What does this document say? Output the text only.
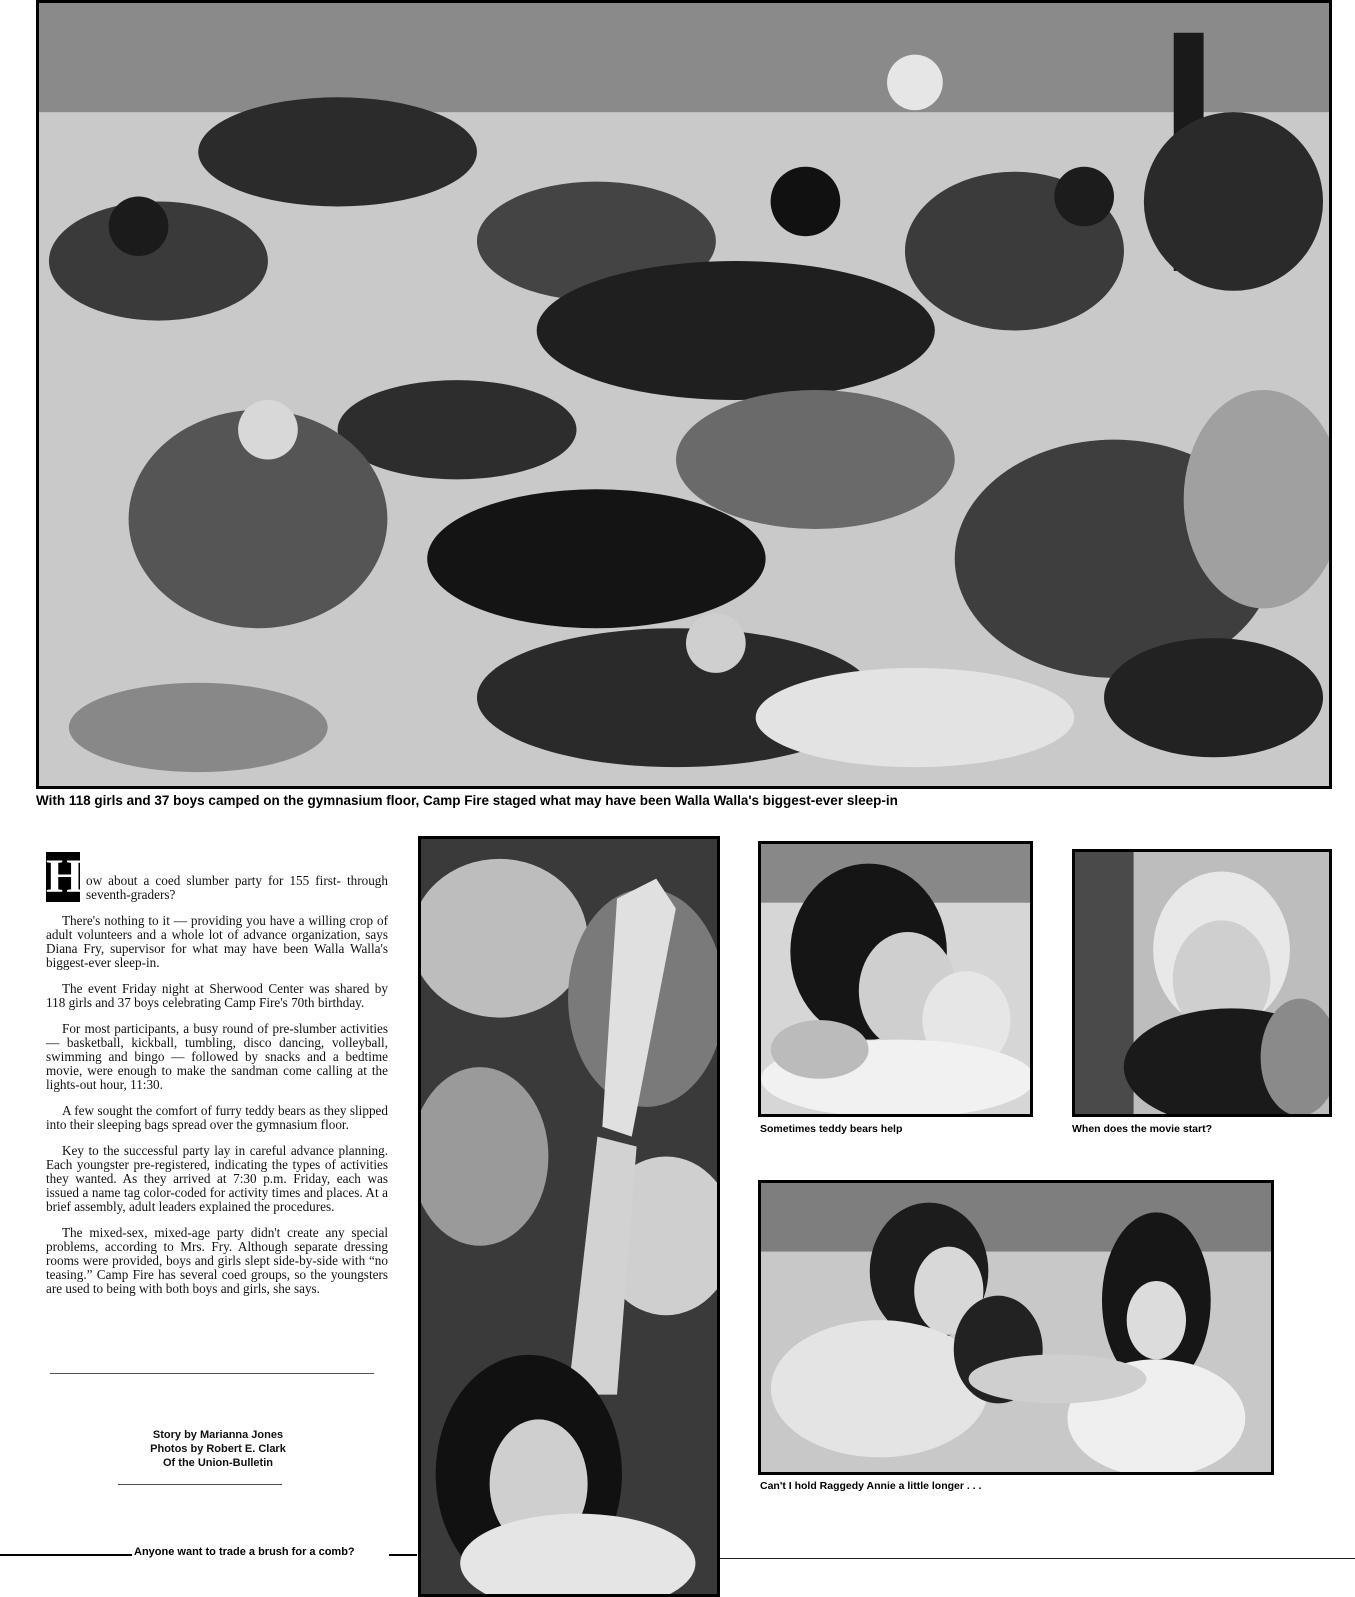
With 118 girls and 37 boys camped on the gymnasium floor, Camp Fire staged what may have been Walla Walla's biggest-ever sleep-in

H ow about a coed slumber party for 155 first- through seventh-graders?

There's nothing to it — providing you have a willing crop of adult volunteers and a whole lot of advance organization, says Diana Fry, supervisor for what may have been Walla Walla's biggest-ever sleep-in.

The event Friday night at Sherwood Center was shared by 118 girls and 37 boys celebrating Camp Fire's 70th birthday.

For most participants, a busy round of pre-slumber activities — basketball, kickball, tumbling, disco dancing, volleyball, swimming and bingo — followed by snacks and a bedtime movie, were enough to make the sandman come calling at the lights-out hour, 11:30.

A few sought the comfort of furry teddy bears as they slipped into their sleeping bags spread over the gymnasium floor.

Key to the successful party lay in careful advance planning. Each youngster pre-registered, indicating the types of activities they wanted. As they arrived at 7:30 p.m. Friday, each was issued a name tag color-coded for activity times and places. At a brief assembly, adult leaders explained the procedures.

The mixed-sex, mixed-age party didn't create any special problems, according to Mrs. Fry. Although separate dressing rooms were provided, boys and girls slept side-by-side with “no teasing.” Camp Fire has several coed groups, so the youngsters are used to being with both boys and girls, she says.

Story by Marianna Jones
Photos by Robert E. Clark
Of the Union-Bulletin
Anyone want to trade a brush for a comb?
Sometimes teddy bears help	When does the movie start?
Can't I hold Raggedy Annie a little longer . . .
